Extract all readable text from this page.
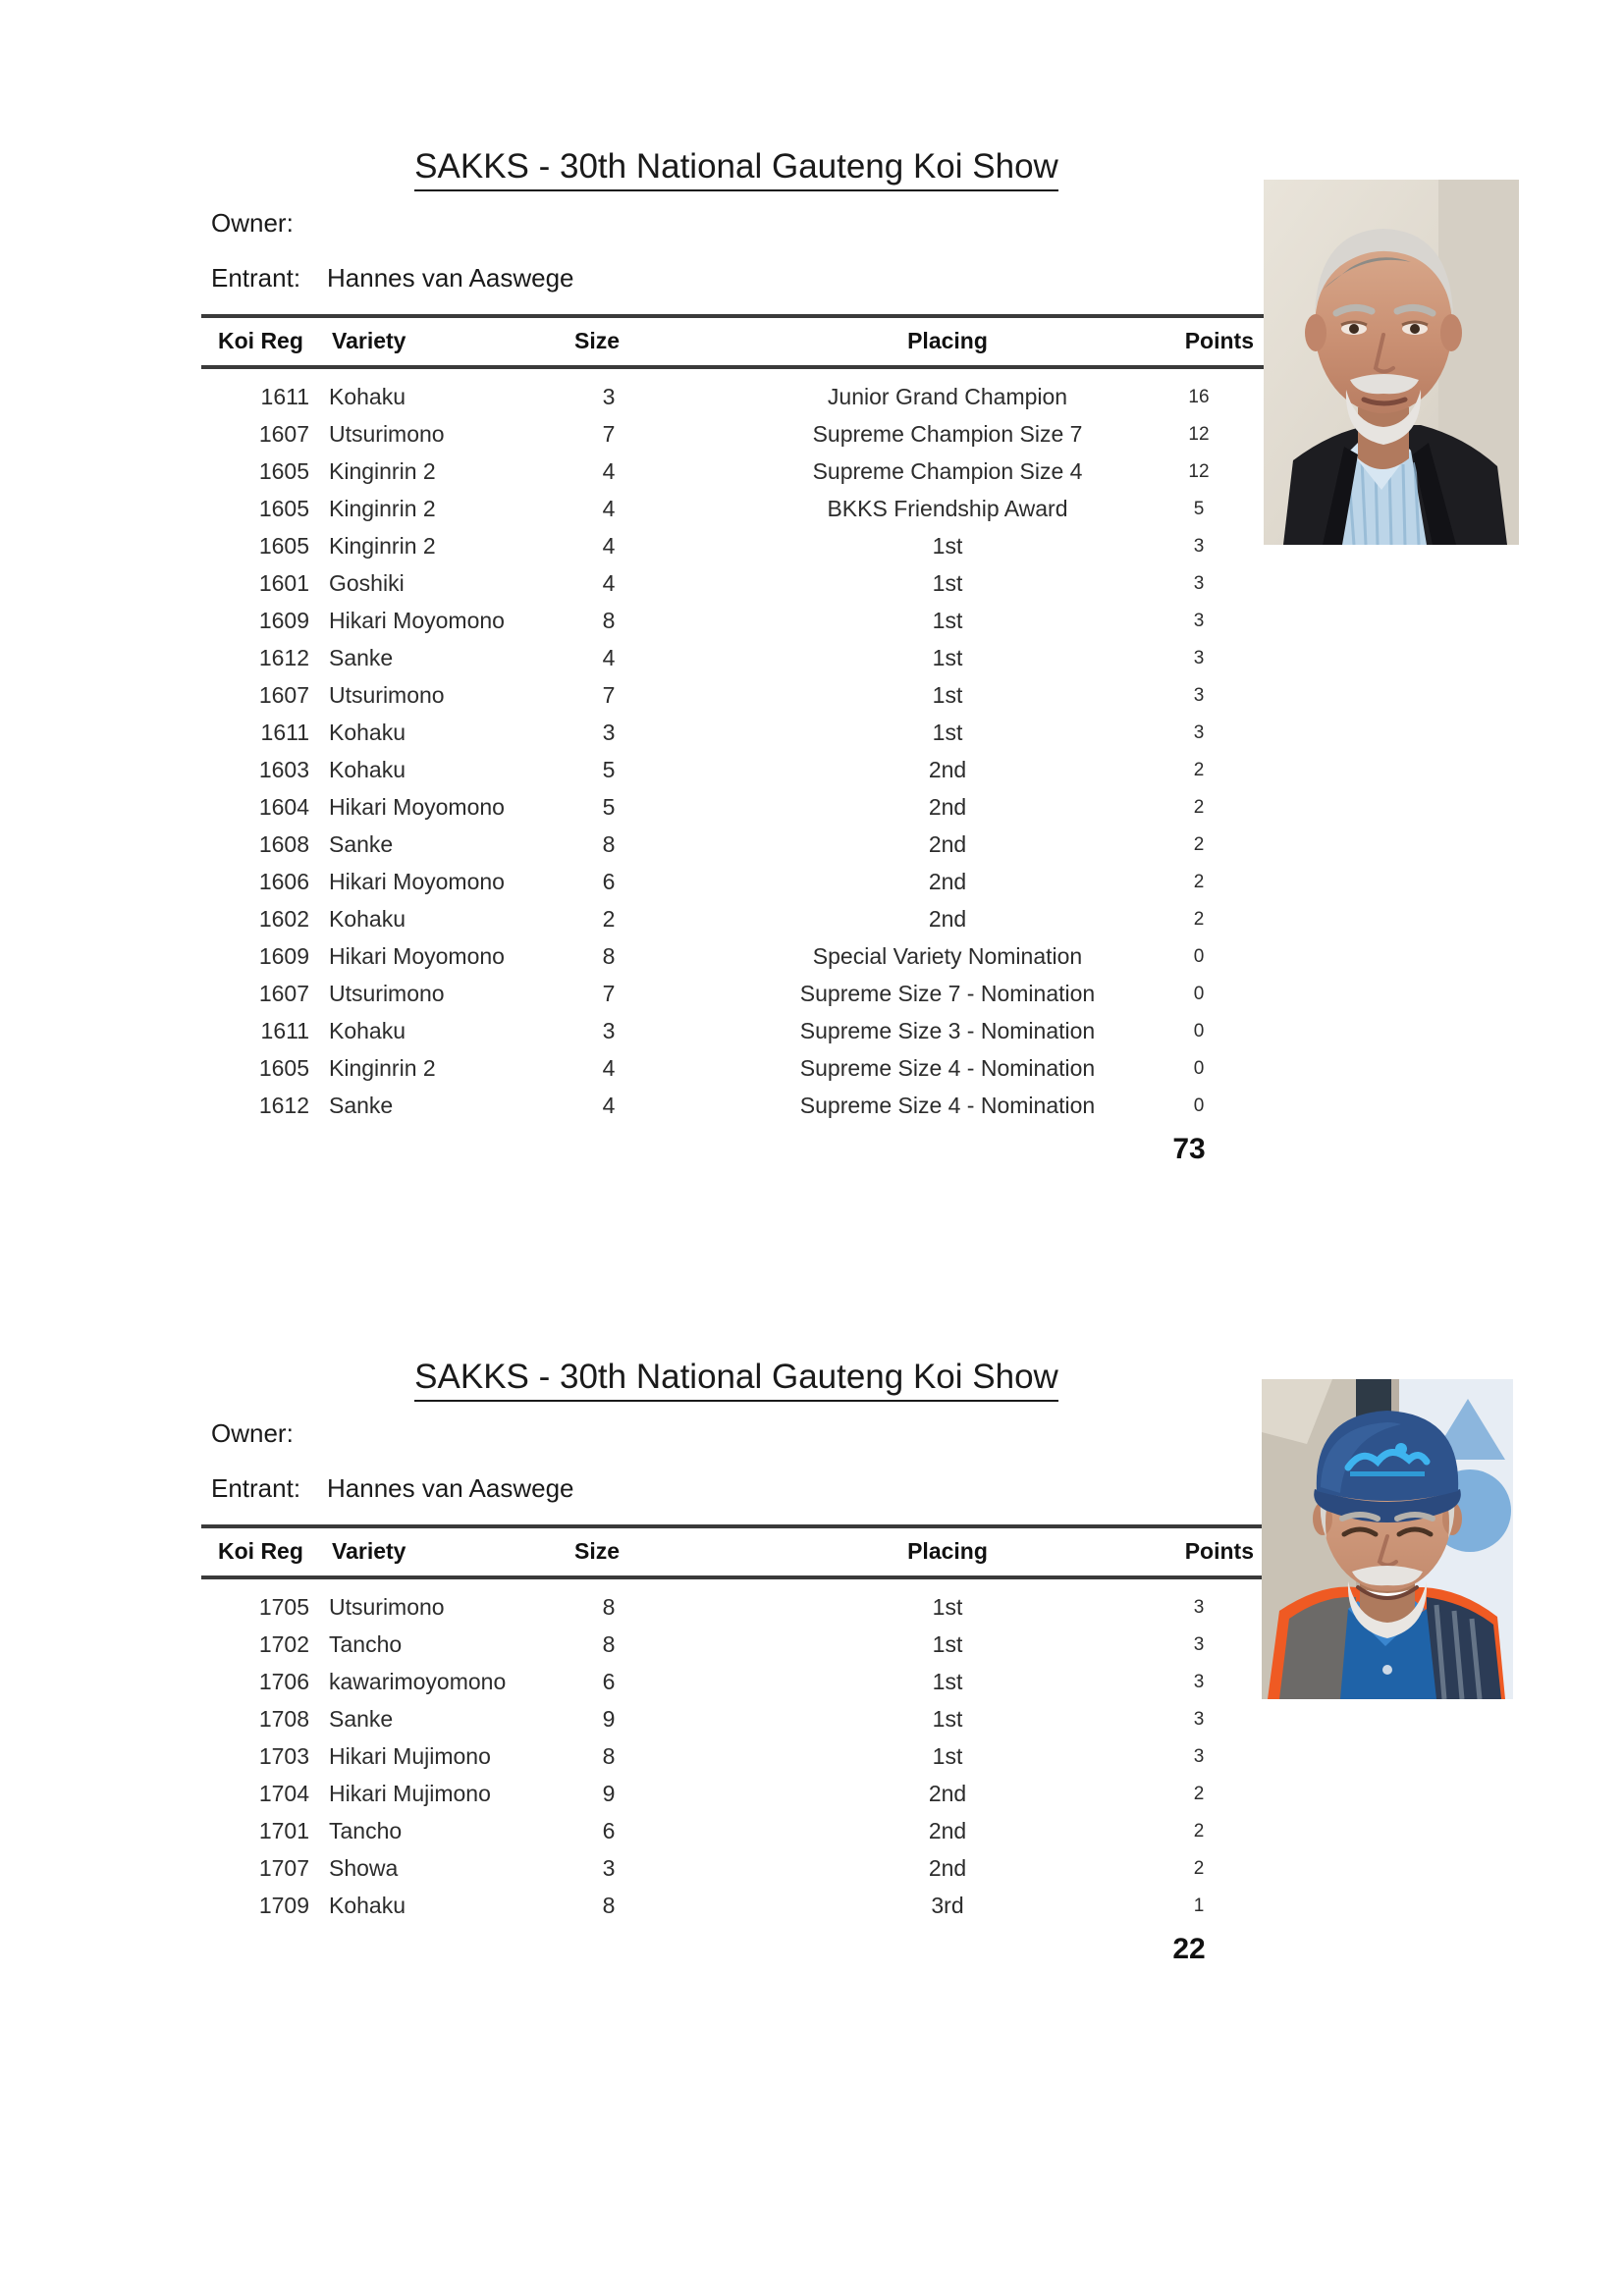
SAKKS - 30th National Gauteng Koi Show
Owner:
Entrant: Hannes van Aaswege
Koi Reg Variety	Size	Placing	Points
1611 Kohaku	3	Junior Grand Champion	16
1607 Utsurimono	7	Supreme Champion Size 7	12
1605 Kinginrin 2	4	Supreme Champion Size 4	12
1605 Kinginrin 2	4	BKKS Friendship Award	5
1605 Kinginrin 2	4	1st	3
1601 Goshiki	4	1st	3
1609 Hikari Moyomono	8	1st	3
1612 Sanke	4	1st	3
1607 Utsurimono	7	1st	3
1611 Kohaku	3	1st	3
1603 Kohaku	5	2nd	2
1604 Hikari Moyomono	5	2nd	2
1608 Sanke	8	2nd	2
1606 Hikari Moyomono	6	2nd	2
1602 Kohaku	2	2nd	2
1609 Hikari Moyomono	8	Special Variety Nomination	0
1607 Utsurimono	7	Supreme Size 7 - Nomination	0
1611 Kohaku	3	Supreme Size 3 - Nomination	0
1605 Kinginrin 2	4	Supreme Size 4 - Nomination	0
1612 Sanke	4	Supreme Size 4 - Nomination	0
73
SAKKS - 30th National Gauteng Koi Show
Owner:
Entrant: Hannes van Aaswege
Koi Reg Variety	Size	Placing	Points
1705 Utsurimono	8	1st	3
1702 Tancho	8	1st	3
1706 kawarimoyomono	6	1st	3
1708 Sanke	9	1st	3
1703 Hikari Mujimono	8	1st	3
1704 Hikari Mujimono	9	2nd	2
1701 Tancho	6	2nd	2
1707 Showa	3	2nd	2
1709 Kohaku	8	3rd	1
22
